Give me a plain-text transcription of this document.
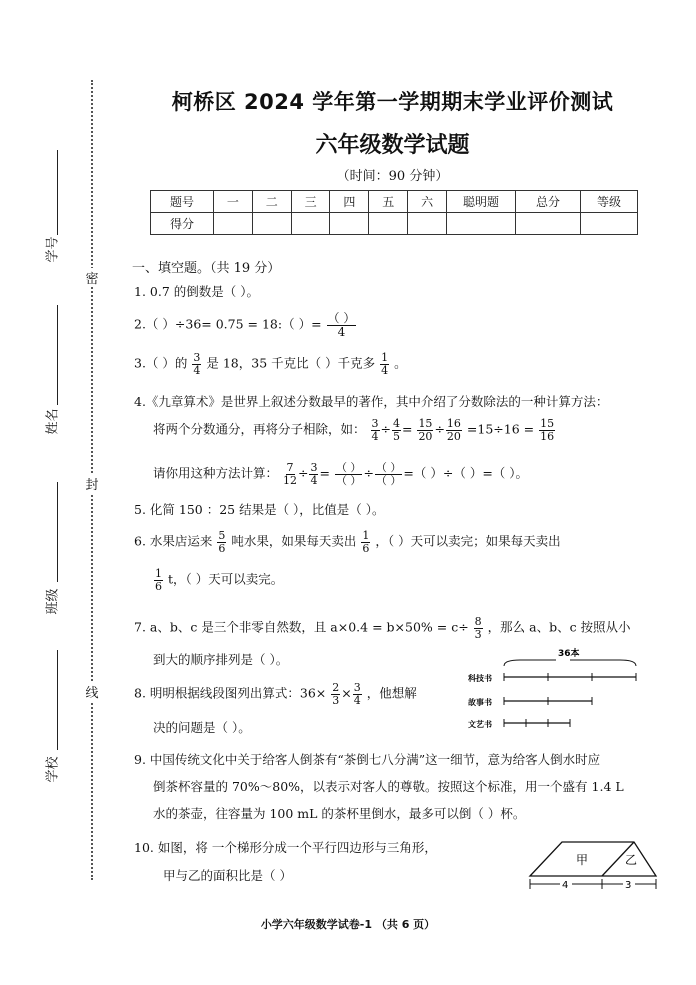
密
封
线
学号
姓名
班级
学校
柯桥区 2024 学年第一学期期末学业评价测试
六年级数学试题
（时间：90 分钟）
题号	一	二	三	四	五	六	聪明题	总分	等级
得分									
一、填空题。（共 19 分）
1. 0.7 的倒数是（ ）。
2.（ ）÷36= 0.75 = 18:（ ）= $\frac{( )}{4}$
3.（ ）的 $\frac{3}{4}$ 是 18，35 千克比（ ）千克多 $\frac{1}{4}$ 。
4.《九章算术》是世界上叙述分数最早的著作，其中介绍了分数除法的一种计算方法：
将两个分数通分，再将分子相除，如： $\frac{3}{4} \div \frac{4}{5} = \frac{15}{20} \div \frac{16}{20} =15\div 16 = \frac{15}{16}$
请你用这种方法计算： $\frac{7}{12} \div \frac{3}{4} = \frac{( )}{( )} \div \frac{( )}{( )}$ =（ ）÷（ ）=（ ）。
5. 化简 150 ：25 结果是（ ），比值是（ ）。
6. 水果店运来 $\frac{5}{6}$ 吨水果，如果每天卖出 $\frac{1}{6}$ ，（ ）天可以卖完；如果每天卖出
$\frac{1}{6}$ t，（ ）天可以卖完。
7. a、b、c 是三个非零自然数，且 $a\times 0.4 = b\times 50\% = c\div \frac{8}{3}$ ，那么 a、b、c 按照从小
到大的顺序排列是（ ）。
8. 明明根据线段图列出算式：$36\times \frac{2}{3} \times \frac{3}{4}$ ，他想解
决的问题是（ ）。
36本
科技书
故事书
文艺书
9. 中国传统文化中关于给客人倒茶有“茶倒七八分满”这一细节，意为给客人倒水时应
倒茶杯容量的 70%～80%，以表示对客人的尊敬。按照这个标准，用一个盛有 1.4 L
水的茶壶，往容量为 100 mL 的茶杯里倒水，最多可以倒（ ）杯。
10. 如图，将 一个梯形分成一个平行四边形与三角形，
甲与乙的面积比是（ ）
甲	乙
4	3
小学六年级数学试卷-1 （共 6 页）
